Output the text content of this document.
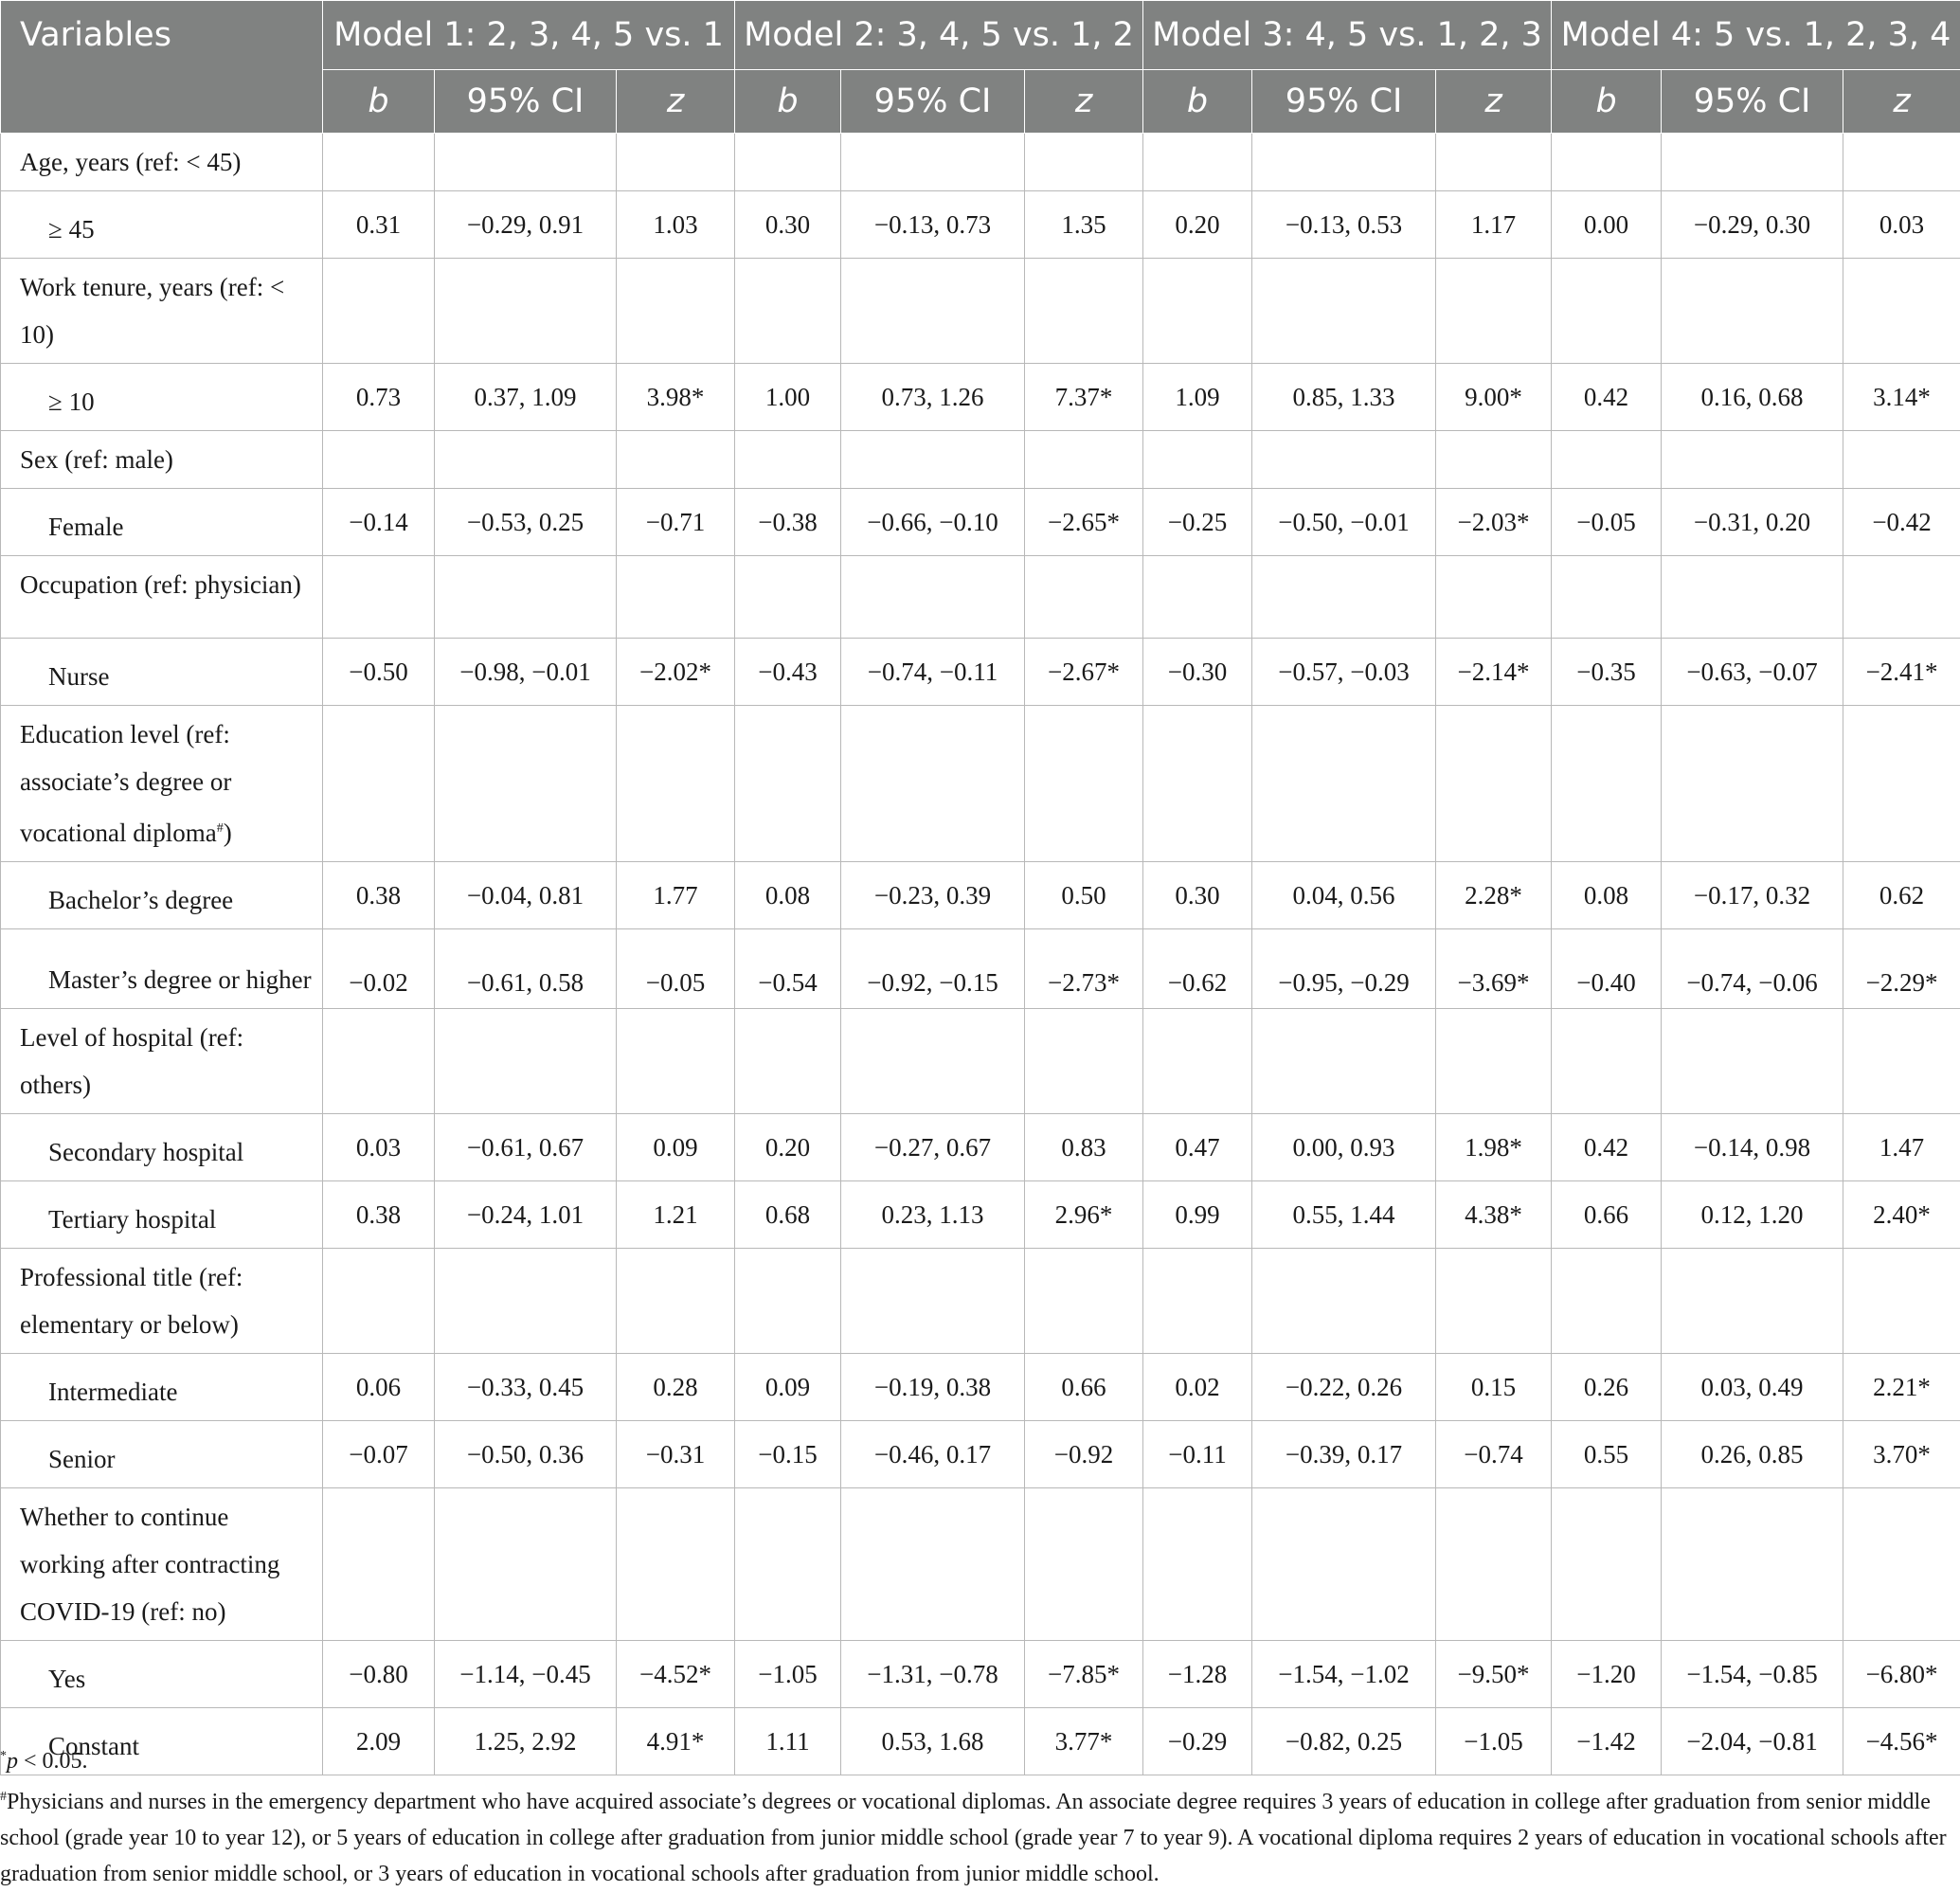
Variables	Model 1: 2, 3, 4, 5 vs. 1			Model 2: 3, 4, 5 vs. 1, 2			Model 3: 4, 5 vs. 1, 2, 3			Model 4: 5 vs. 1, 2, 3, 4		
	b	95% CI	z	b	95% CI	z	b	95% CI	z	b	95% CI	z
Age, years (ref: < 45)												
≥ 45	0.31	−0.29, 0.91	1.03	0.30	−0.13, 0.73	1.35	0.20	−0.13, 0.53	1.17	0.00	−0.29, 0.30	0.03
Work tenure, years (ref: < 10)												
≥ 10	0.73	0.37, 1.09	3.98*	1.00	0.73, 1.26	7.37*	1.09	0.85, 1.33	9.00*	0.42	0.16, 0.68	3.14*
Sex (ref: male)												
Female	−0.14	−0.53, 0.25	−0.71	−0.38	−0.66, −0.10	−2.65*	−0.25	−0.50, −0.01	−2.03*	−0.05	−0.31, 0.20	−0.42
Occupation (ref: physician)												
Nurse	−0.50	−0.98, −0.01	−2.02*	−0.43	−0.74, −0.11	−2.67*	−0.30	−0.57, −0.03	−2.14*	−0.35	−0.63, −0.07	−2.41*
Education level (ref: associate’s degree or vocational diploma#)												
Bachelor’s degree	0.38	−0.04, 0.81	1.77	0.08	−0.23, 0.39	0.50	0.30	0.04, 0.56	2.28*	0.08	−0.17, 0.32	0.62
Master’s degree or higher	−0.02	−0.61, 0.58	−0.05	−0.54	−0.92, −0.15	−2.73*	−0.62	−0.95, −0.29	−3.69*	−0.40	−0.74, −0.06	−2.29*
Level of hospital (ref: others)												
Secondary hospital	0.03	−0.61, 0.67	0.09	0.20	−0.27, 0.67	0.83	0.47	0.00, 0.93	1.98*	0.42	−0.14, 0.98	1.47
Tertiary hospital	0.38	−0.24, 1.01	1.21	0.68	0.23, 1.13	2.96*	0.99	0.55, 1.44	4.38*	0.66	0.12, 1.20	2.40*
Professional title (ref: elementary or below)												
Intermediate	0.06	−0.33, 0.45	0.28	0.09	−0.19, 0.38	0.66	0.02	−0.22, 0.26	0.15	0.26	0.03, 0.49	2.21*
Senior	−0.07	−0.50, 0.36	−0.31	−0.15	−0.46, 0.17	−0.92	−0.11	−0.39, 0.17	−0.74	0.55	0.26, 0.85	3.70*
Whether to continue working after contracting COVID-19 (ref: no)												
Yes	−0.80	−1.14, −0.45	−4.52*	−1.05	−1.31, −0.78	−7.85*	−1.28	−1.54, −1.02	−9.50*	−1.20	−1.54, −0.85	−6.80*
Constant	2.09	1.25, 2.92	4.91*	1.11	0.53, 1.68	3.77*	−0.29	−0.82, 0.25	−1.05	−1.42	−2.04, −0.81	−4.56*

*p < 0.05.

#Physicians and nurses in the emergency department who have acquired associate’s degrees or vocational diplomas. An associate degree requires 3 years of education in college after graduation from senior middle school (grade year 10 to year 12), or 5 years of education in college after graduation from junior middle school (grade year 7 to year 9). A vocational diploma requires 2 years of education in vocational schools after graduation from senior middle school, or 3 years of education in vocational schools after graduation from junior middle school.
